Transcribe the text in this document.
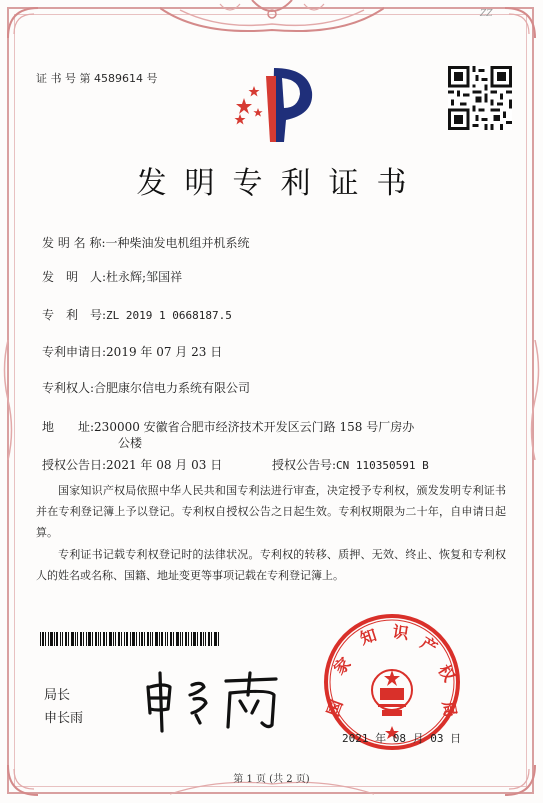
ZZ
证 书 号 第 4589614 号
发明专利证书
发 明 名 称:一种柴油发电机组并机系统
发　明　人:杜永辉;邹国祥
专　利　号:ZL 2019 1 0668187.5
专利申请日:2019 年 07 月 23 日
专利权人:合肥康尔信电力系统有限公司
地　　址:230000 安徽省合肥市经济技术开发区云门路 158 号厂房办
公楼
授权公告日:2021 年 08 月 03 日	授权公告号:CN 110350591 B
国家知识产权局依照中华人民共和国专利法进行审查，决定授予专利权，颁发发明专利证书并在专利登记簿上予以登记。专利权自授权公告之日起生效。专利权期限为二十年，自申请日起算。
专利证书记载专利权登记时的法律状况。专利权的转移、质押、无效、终止、恢复和专利权人的姓名或名称、国籍、地址变更等事项记载在专利登记簿上。
局长
申长雨	国
家
知 识
产
权
局
2021 年 08 月 03 日
第 1 页 (共 2 页)
